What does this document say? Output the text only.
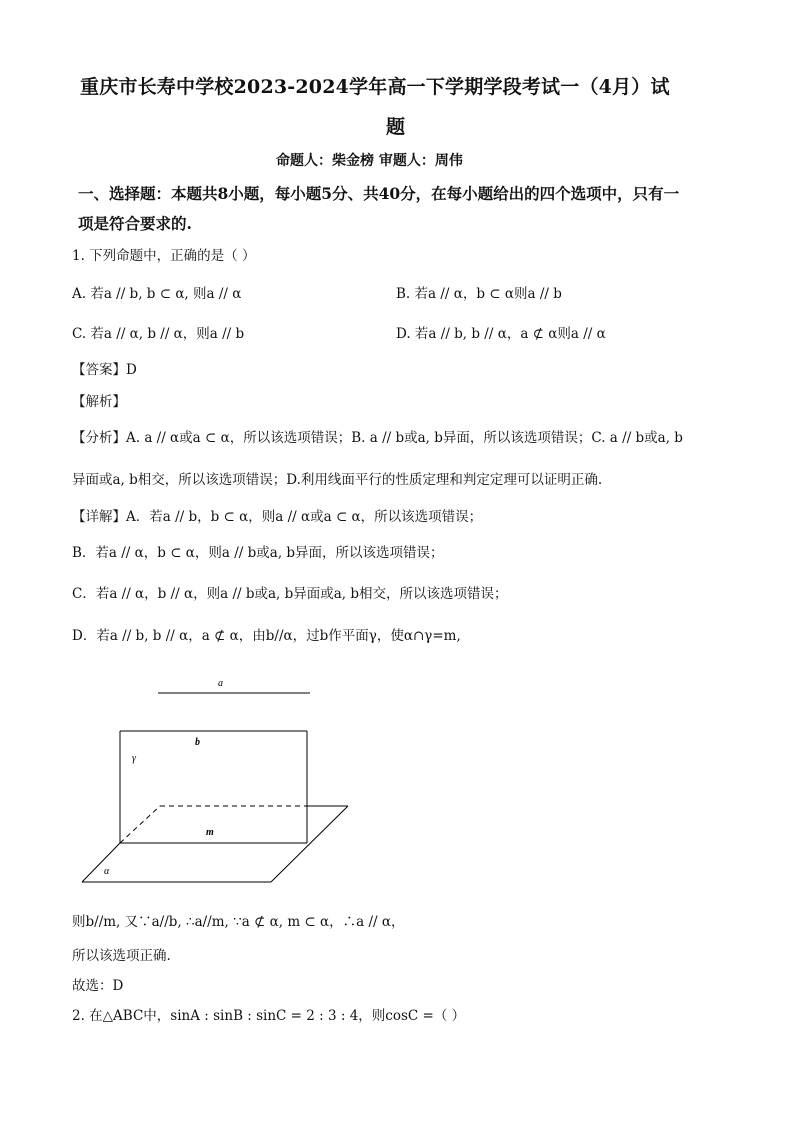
重庆市长寿中学校2023-2024学年高一下学期学段考试一（4月）试
题
命题人：柴金榜 审题人：周伟
一、选择题：本题共8小题，每小题5分、共40分，在每小题给出的四个选项中，只有一
项是符合要求的.
1. 下列命题中，正确的是（ ）
A. 若a // b, b ⊂ α, 则a // α	B. 若a // α，b ⊂ α则a // b
C. 若a // α, b // α，则a // b	D. 若a // b, b // α，a ⊄ α则a // α
【答案】D
【解析】
【分析】A. a // α或a ⊂ α，所以该选项错误；B. a // b或a, b异面，所以该选项错误；C. a // b或a, b
异面或a, b相交，所以该选项错误；D.利用线面平行的性质定理和判定定理可以证明正确.
【详解】A．若a // b，b ⊂ α，则a // α或a ⊂ α，所以该选项错误；
B．若a // α，b ⊂ α，则a // b或a, b异面，所以该选项错误；
C．若a // α，b // α，则a // b或a, b异面或a, b相交，所以该选项错误；
D．若a // b, b // α，a ⊄ α，由b//α，过b作平面γ，使α∩γ=m,
a
b
γ
m
α
则b//m, 又∵a//b, ∴a//m, ∵a ⊄ α, m ⊂ α，∴a // α，
所以该选项正确.
故选：D
2. 在△ABC中，sinA : sinB : sinC = 2 : 3 : 4，则cosC =（ ）
